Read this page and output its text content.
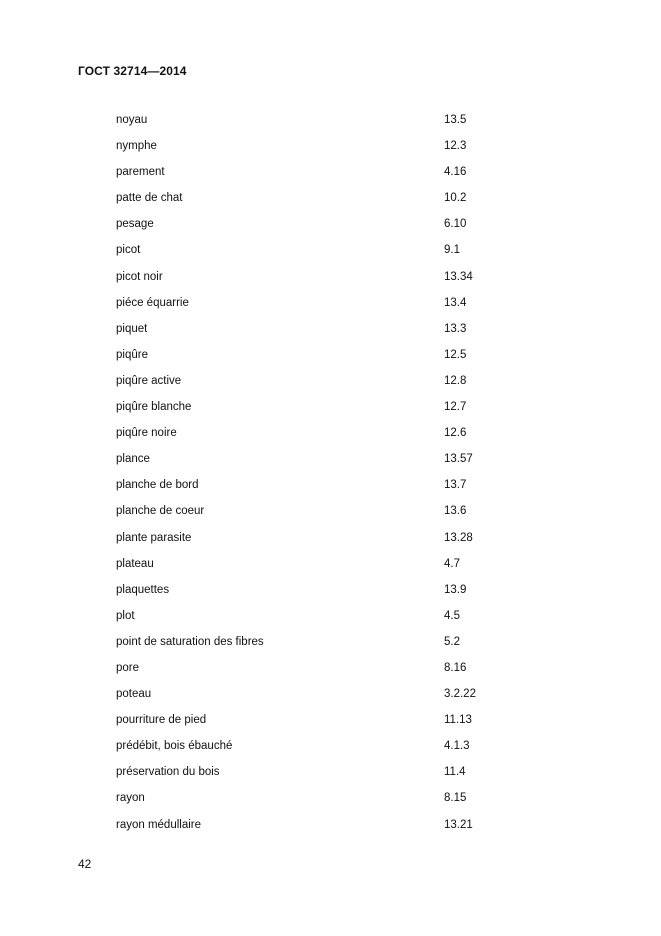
ГОСТ 32714—2014
noyau	13.5
nymphe	12.3
parement	4.16
patte de chat	10.2
pesage	6.10
picot	9.1
picot noir	13.34
piéce équarrie	13.4
piquet	13.3
piqûre	12.5
piqûre active	12.8
piqûre blanche	12.7
piqûre noire	12.6
plance	13.57
planche de bord	13.7
planche de coeur	13.6
plante parasite	13.28
plateau	4.7
plaquettes	13.9
plot	4.5
point de saturation des fibres	5.2
pore	8.16
poteau	3.2.22
pourriture de pied	11.13
prédébit, bois ébauché	4.1.3
préservation du bois	11.4
rayon	8.15
rayon médullaire	13.21
42
